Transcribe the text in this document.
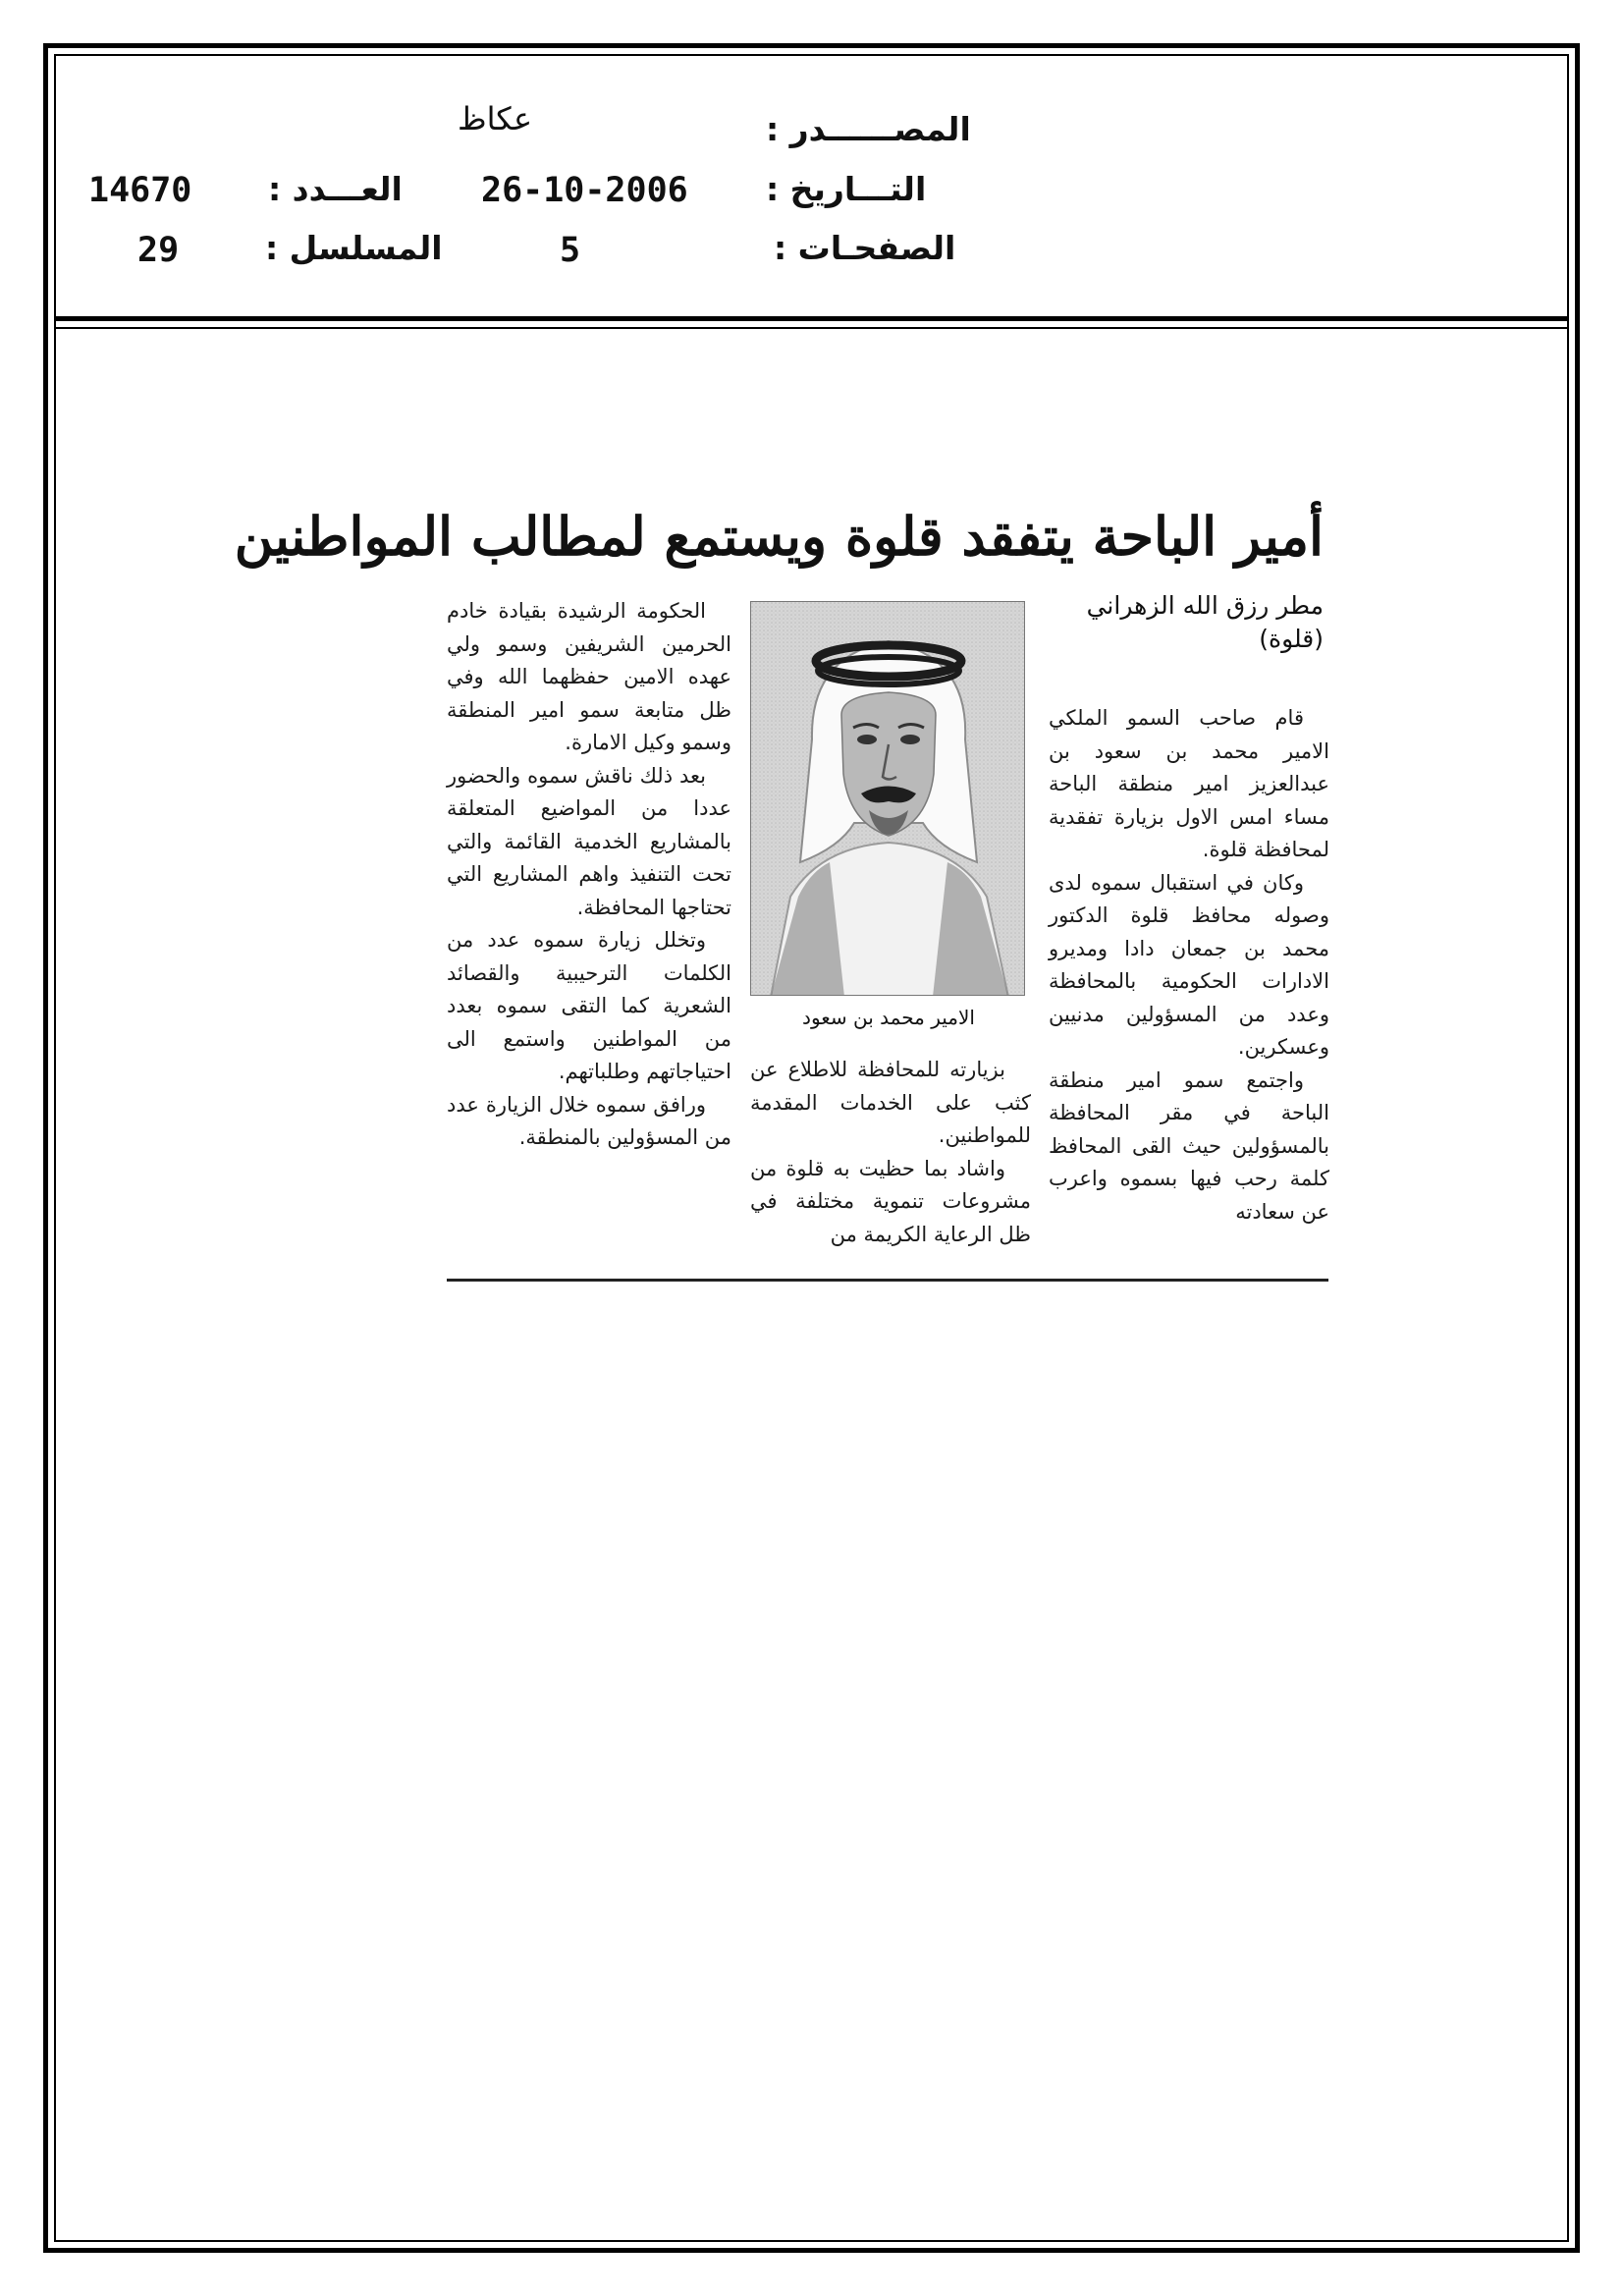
المصــــــدر :
عكاظ
التـــاريخ :
26-10-2006
الصفحـات :
5
العـــدد :
14670
المسلسل :
29
أمير الباحة يتفقد قلوة ويستمع لمطالب المواطنين
مطر رزق الله الزهراني
(قلوة)

قام صاحب السمو الملكي الامير محمد بن سعود بن عبدالعزيز امير منطقة الباحة مساء امس الاول بزيارة تفقدية لمحافظة قلوة.

وكان في استقبال سموه لدى وصوله محافظ قلوة الدكتور محمد بن جمعان دادا ومديرو الادارات الحكومية بالمحافظة وعدد من المسؤولين مدنيين وعسكرين.

واجتمع سمو امير منطقة الباحة في مقر المحافظة بالمسؤولين حيث القى المحافظ كلمة رحب فيها بسموه واعرب عن سعادته

الامير محمد بن سعود

بزيارته للمحافظة للاطلاع عن كثب على الخدمات المقدمة للمواطنين.

واشاد بما حظيت به قلوة من مشروعات تنموية مختلفة في ظل الرعاية الكريمة من

الحكومة الرشيدة بقيادة خادم الحرمين الشريفين وسمو ولي عهده الامين حفظهما الله وفي ظل متابعة سمو امير المنطقة وسمو وكيل الامارة.

بعد ذلك ناقش سموه والحضور عددا من المواضيع المتعلقة بالمشاريع الخدمية القائمة والتي تحت التنفيذ واهم المشاريع التي تحتاجها المحافظة.

وتخلل زيارة سموه عدد من الكلمات الترحيبية والقصائد الشعرية كما التقى سموه بعدد من المواطنين واستمع الى احتياجاتهم وطلباتهم.

ورافق سموه خلال الزيارة عدد من المسؤولين بالمنطقة.
